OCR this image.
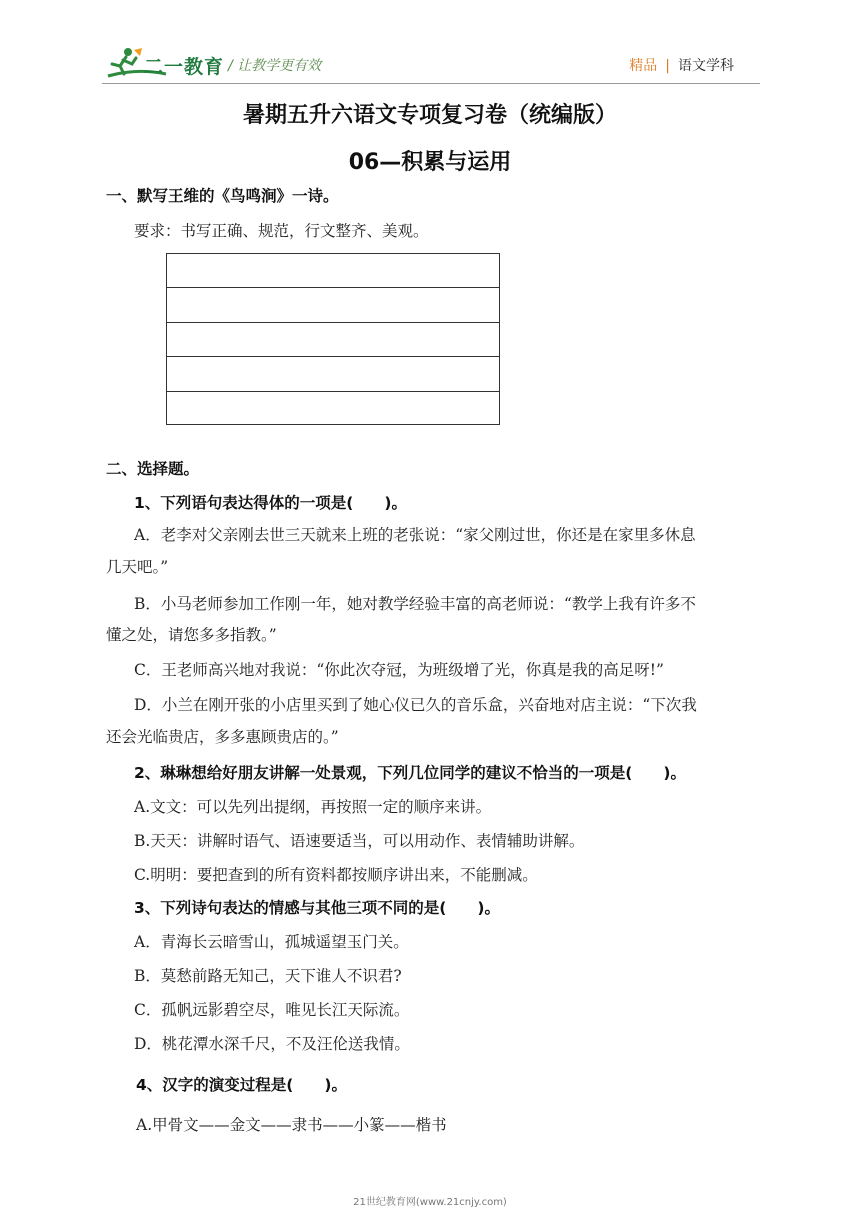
二一教育 / 让教学更有效	精品 | 语文学科
暑期五升六语文专项复习卷（统编版）
06—积累与运用
一、默写王维的《鸟鸣涧》一诗。
要求：书写正确、规范，行文整齐、美观。
二、选择题。
1、下列语句表达得体的一项是(　　)。
A．老李对父亲刚去世三天就来上班的老张说：“家父刚过世，你还是在家里多休息
几天吧。”
B．小马老师参加工作刚一年，她对教学经验丰富的高老师说：“教学上我有许多不
懂之处，请您多多指教。”
C．王老师高兴地对我说：“你此次夺冠，为班级增了光，你真是我的高足呀!”
D．小兰在刚开张的小店里买到了她心仪已久的音乐盒，兴奋地对店主说：“下次我
还会光临贵店，多多惠顾贵店的。”
2、琳琳想给好朋友讲解一处景观，下列几位同学的建议不恰当的一项是(　　)。
A.文文：可以先列出提纲，再按照一定的顺序来讲。
B.天天：讲解时语气、语速要适当，可以用动作、表情辅助讲解。
C.明明：要把查到的所有资料都按顺序讲出来，不能删减。
3、下列诗句表达的情感与其他三项不同的是(　　)。
A．青海长云暗雪山，孤城遥望玉门关。
B．莫愁前路无知己，天下谁人不识君?
C．孤帆远影碧空尽，唯见长江天际流。
D．桃花潭水深千尺，不及汪伦送我情。
4、汉字的演变过程是(　　)。
A.甲骨文——金文——隶书——小篆——楷书
21世纪教育网(www.21cnjy.com)
